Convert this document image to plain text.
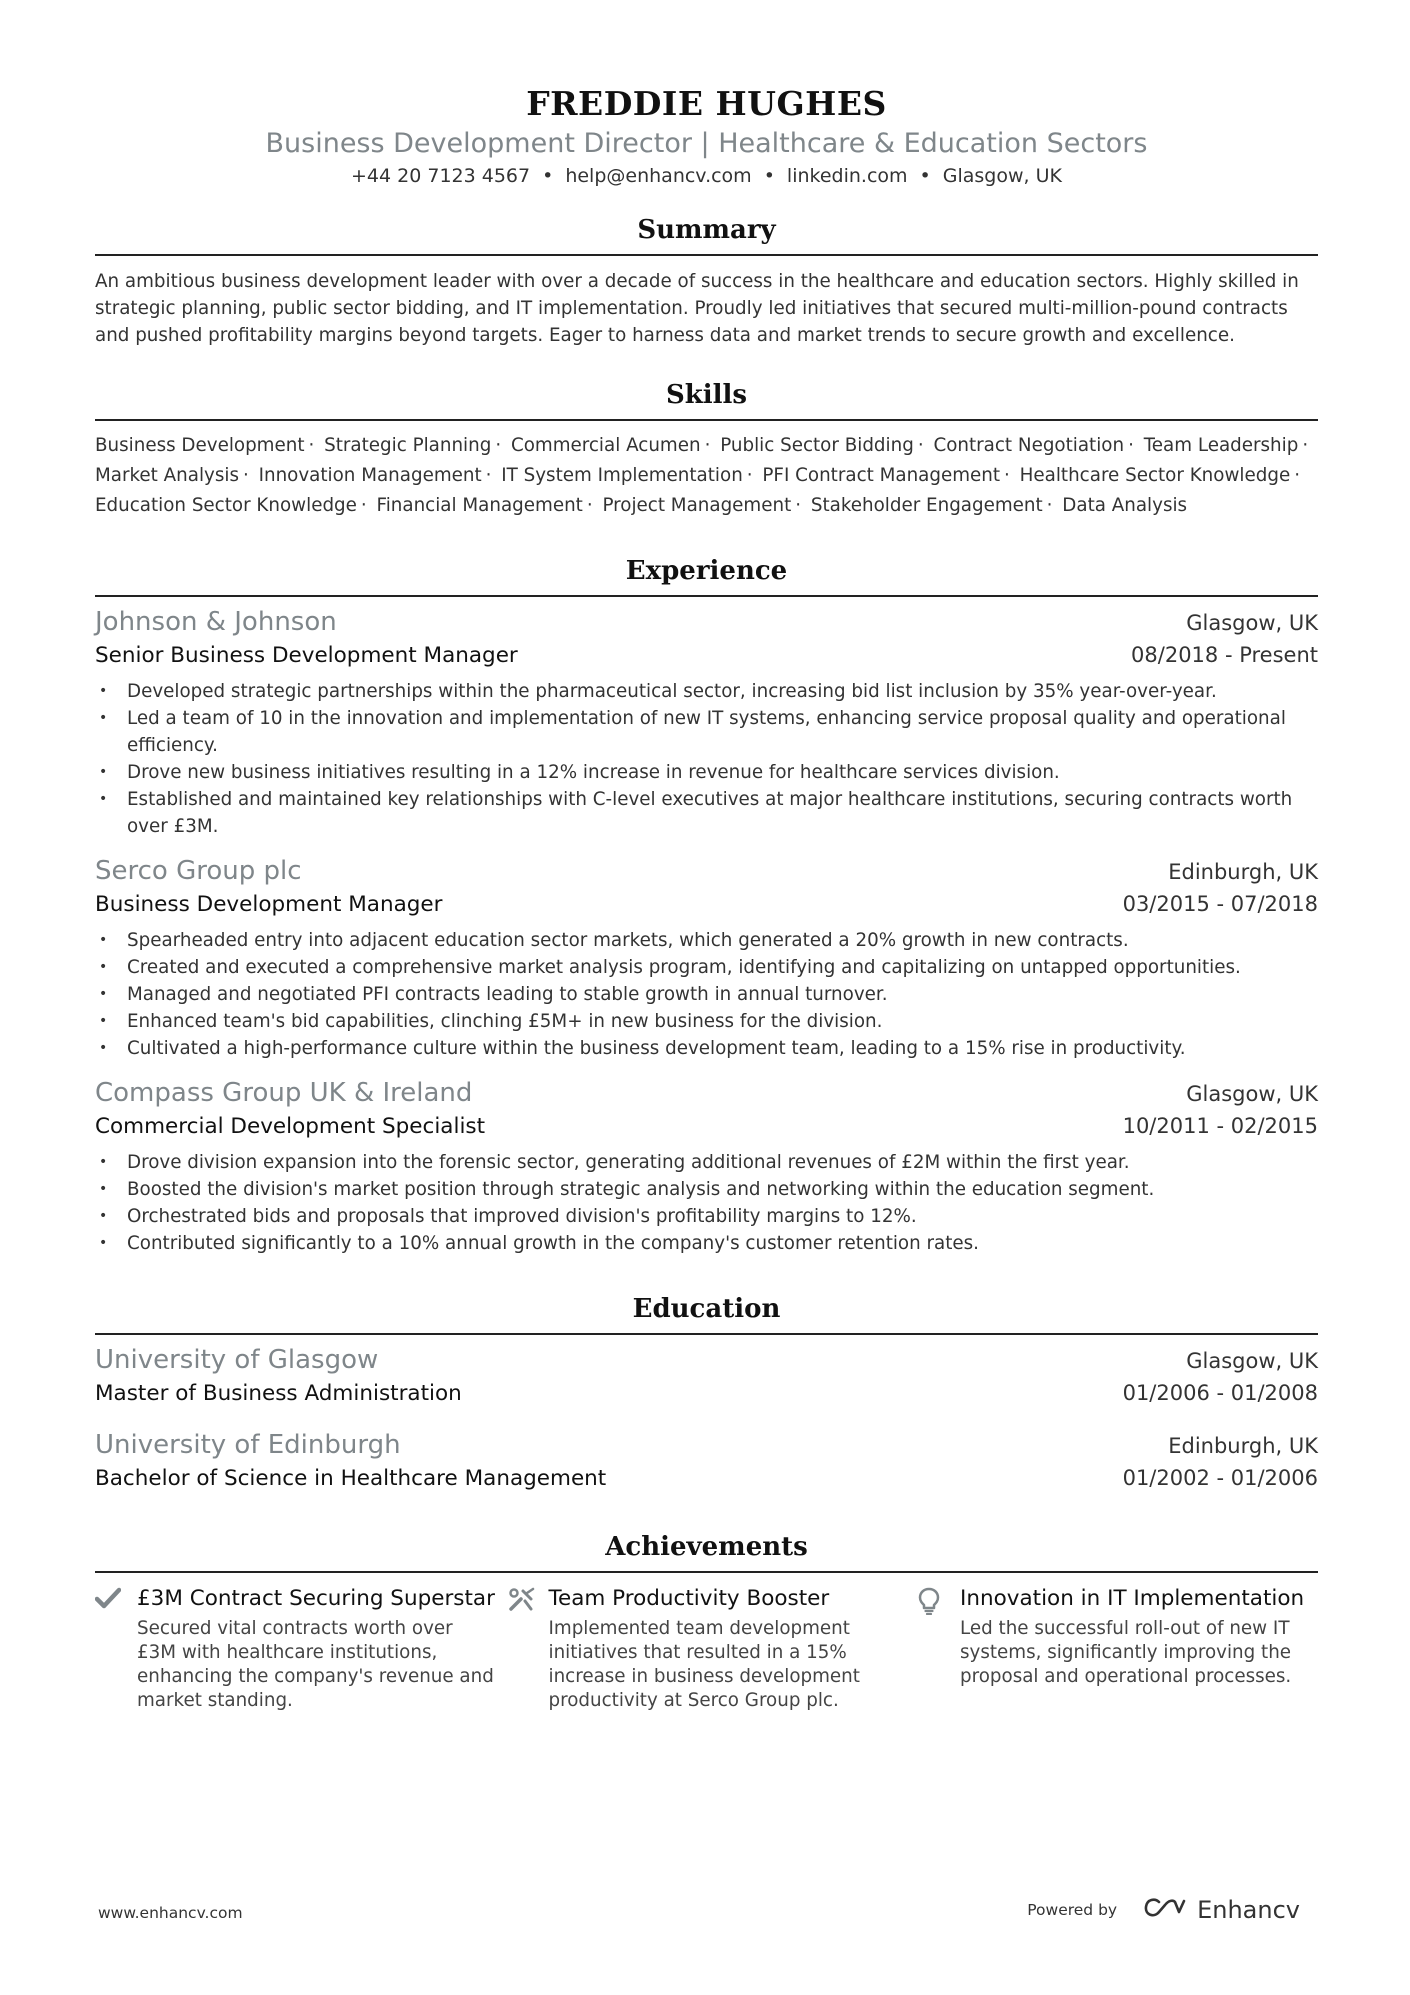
FREDDIE HUGHES
Business Development Director | Healthcare & Education Sectors
+44 20 7123 4567 • help@enhancv.com • linkedin.com • Glasgow, UK
Summary
An ambitious business development leader with over a decade of success in the healthcare and education sectors. Highly skilled in strategic planning, public sector bidding, and IT implementation. Proudly led initiatives that secured multi-million-pound contracts and pushed profitability margins beyond targets. Eager to harness data and market trends to secure growth and excellence.
Skills
Business Development · Strategic Planning · Commercial Acumen · Public Sector Bidding · Contract Negotiation · Team Leadership · Market Analysis · Innovation Management · IT System Implementation · PFI Contract Management · Healthcare Sector Knowledge · Education Sector Knowledge · Financial Management · Project Management · Stakeholder Engagement · Data Analysis
Experience
Johnson & Johnson	Glasgow, UK
Senior Business Development Manager	08/2018 - Present
• Developed strategic partnerships within the pharmaceutical sector, increasing bid list inclusion by 35% year-over-year.
• Led a team of 10 in the innovation and implementation of new IT systems, enhancing service proposal quality and operational efficiency.
• Drove new business initiatives resulting in a 12% increase in revenue for healthcare services division.
• Established and maintained key relationships with C-level executives at major healthcare institutions, securing contracts worth over £3M.
Serco Group plc	Edinburgh, UK
Business Development Manager	03/2015 - 07/2018
• Spearheaded entry into adjacent education sector markets, which generated a 20% growth in new contracts.
• Created and executed a comprehensive market analysis program, identifying and capitalizing on untapped opportunities.
• Managed and negotiated PFI contracts leading to stable growth in annual turnover.
• Enhanced team's bid capabilities, clinching £5M+ in new business for the division.
• Cultivated a high-performance culture within the business development team, leading to a 15% rise in productivity.
Compass Group UK & Ireland	Glasgow, UK
Commercial Development Specialist	10/2011 - 02/2015
• Drove division expansion into the forensic sector, generating additional revenues of £2M within the first year.
• Boosted the division's market position through strategic analysis and networking within the education segment.
• Orchestrated bids and proposals that improved division's profitability margins to 12%.
• Contributed significantly to a 10% annual growth in the company's customer retention rates.
Education
University of Glasgow	Glasgow, UK
Master of Business Administration	01/2006 - 01/2008
University of Edinburgh	Edinburgh, UK
Bachelor of Science in Healthcare Management	01/2002 - 01/2006
Achievements
£3M Contract Securing Superstar
Secured vital contracts worth over £3M with healthcare institutions, enhancing the company's revenue and market standing.
Team Productivity Booster
Implemented team development initiatives that resulted in a 15% increase in business development productivity at Serco Group plc.
Innovation in IT Implementation
Led the successful roll-out of new IT systems, significantly improving the proposal and operational processes.
www.enhancv.com	Powered by	Enhancv
